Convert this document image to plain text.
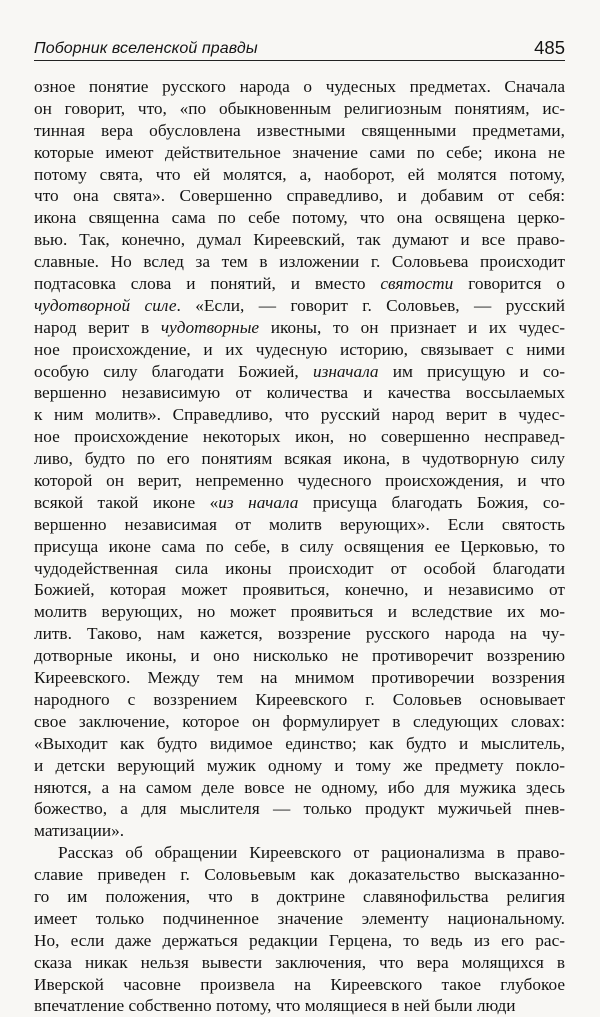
Поборник вселенской правды	485
озное понятие русского народа о чудесных предметах. Сначала
он говорит, что, «по обыкновенным религиозным понятиям, ис-
тинная вера обусловлена известными священными предметами,
которые имеют действительное значение сами по себе; икона не
потому свята, что ей молятся, а, наоборот, ей молятся потому,
что она свята». Совершенно справедливо, и добавим от себя:
икона священна сама по себе потому, что она освящена церко-
вью. Так, конечно, думал Киреевский, так думают и все право-
славные. Но вслед за тем в изложении г. Соловьева происходит
подтасовка слова и понятий, и вместо святости говорится о
чудотворной силе. «Если, — говорит г. Соловьев, — русский
народ верит в чудотворные иконы, то он признает и их чудес-
ное происхождение, и их чудесную историю, связывает с ними
особую силу благодати Божией, изначала им присущую и со-
вершенно независимую от количества и качества воссылаемых
к ним молитв». Справедливо, что русский народ верит в чудес-
ное происхождение некоторых икон, но совершенно несправед-
ливо, будто по его понятиям всякая икона, в чудотворную силу
которой он верит, непременно чудесного происхождения, и что
всякой такой иконе «из начала присуща благодать Божия, со-
вершенно независимая от молитв верующих». Если святость
присуща иконе сама по себе, в силу освящения ее Церковью, то
чудодейственная сила иконы происходит от особой благодати
Божией, которая может проявиться, конечно, и независимо от
молитв верующих, но может проявиться и вследствие их мо-
литв. Таково, нам кажется, воззрение русского народа на чу-
дотворные иконы, и оно нисколько не противоречит воззрению
Киреевского. Между тем на мнимом противоречии воззрения
народного с воззрением Киреевского г. Соловьев основывает
свое заключение, которое он формулирует в следующих словах:
«Выходит как будто видимое единство; как будто и мыслитель,
и детски верующий мужик одному и тому же предмету покло-
няются, а на самом деле вовсе не одному, ибо для мужика здесь
божество, а для мыслителя — только продукт мужичьей пнев-
матизации».
Рассказ об обращении Киреевского от рационализма в право-
славие приведен г. Соловьевым как доказательство высказанно-
го им положения, что в доктрине славянофильства религия
имеет только подчиненное значение элементу национальному.
Но, если даже держаться редакции Герцена, то ведь из его рас-
сказа никак нельзя вывести заключения, что вера молящихся в
Иверской часовне произвела на Киреевского такое глубокое
впечатление собственно потому, что молящиеся в ней были люди
